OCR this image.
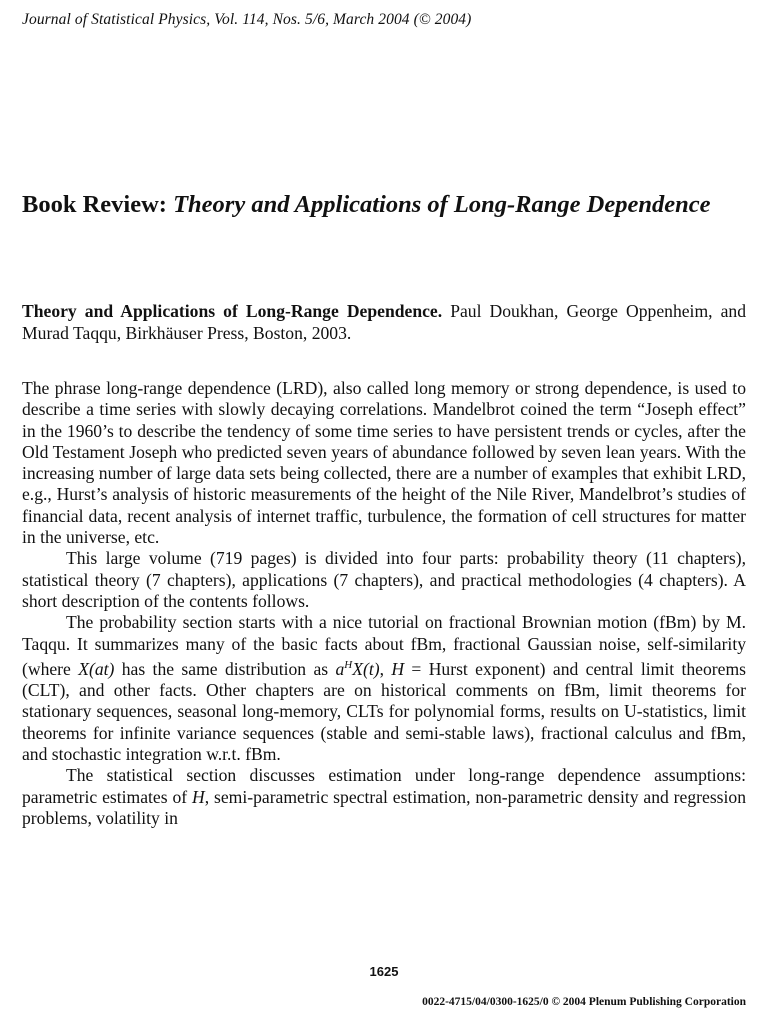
Journal of Statistical Physics, Vol. 114, Nos. 5/6, March 2004 (© 2004)
Book Review: Theory and Applications of Long-Range Dependence
Theory and Applications of Long-Range Dependence. Paul Doukhan, George Oppenheim, and Murad Taqqu, Birkhäuser Press, Boston, 2003.

The phrase long-range dependence (LRD), also called long memory or strong dependence, is used to describe a time series with slowly decaying correlations. Mandelbrot coined the term “Joseph effect” in the 1960’s to describe the tendency of some time series to have persistent trends or cycles, after the Old Testament Joseph who predicted seven years of abundance followed by seven lean years. With the increasing number of large data sets being collected, there are a number of examples that exhibit LRD, e.g., Hurst’s analysis of historic measurements of the height of the Nile River, Mandelbrot’s studies of financial data, recent analysis of internet traffic, turbulence, the formation of cell structures for matter in the universe, etc.

This large volume (719 pages) is divided into four parts: probability theory (11 chapters), statistical theory (7 chapters), applications (7 chapters), and practical methodologies (4 chapters). A short description of the contents follows.

The probability section starts with a nice tutorial on fractional Brownian motion (fBm) by M. Taqqu. It summarizes many of the basic facts about fBm, fractional Gaussian noise, self-similarity (where X(at) has the same distribution as $a^HX(t)$, H = Hurst exponent) and central limit theorems (CLT), and other facts. Other chapters are on historical comments on fBm, limit theorems for stationary sequences, seasonal long-memory, CLTs for polynomial forms, results on U-statistics, limit theorems for infinite variance sequences (stable and semi-stable laws), fractional calculus and fBm, and stochastic integration w.r.t. fBm.

The statistical section discusses estimation under long-range dependence assumptions: parametric estimates of H, semi-parametric spectral estimation, non-parametric density and regression problems, volatility in

1625
0022-4715/04/0300-1625/0 © 2004 Plenum Publishing Corporation
